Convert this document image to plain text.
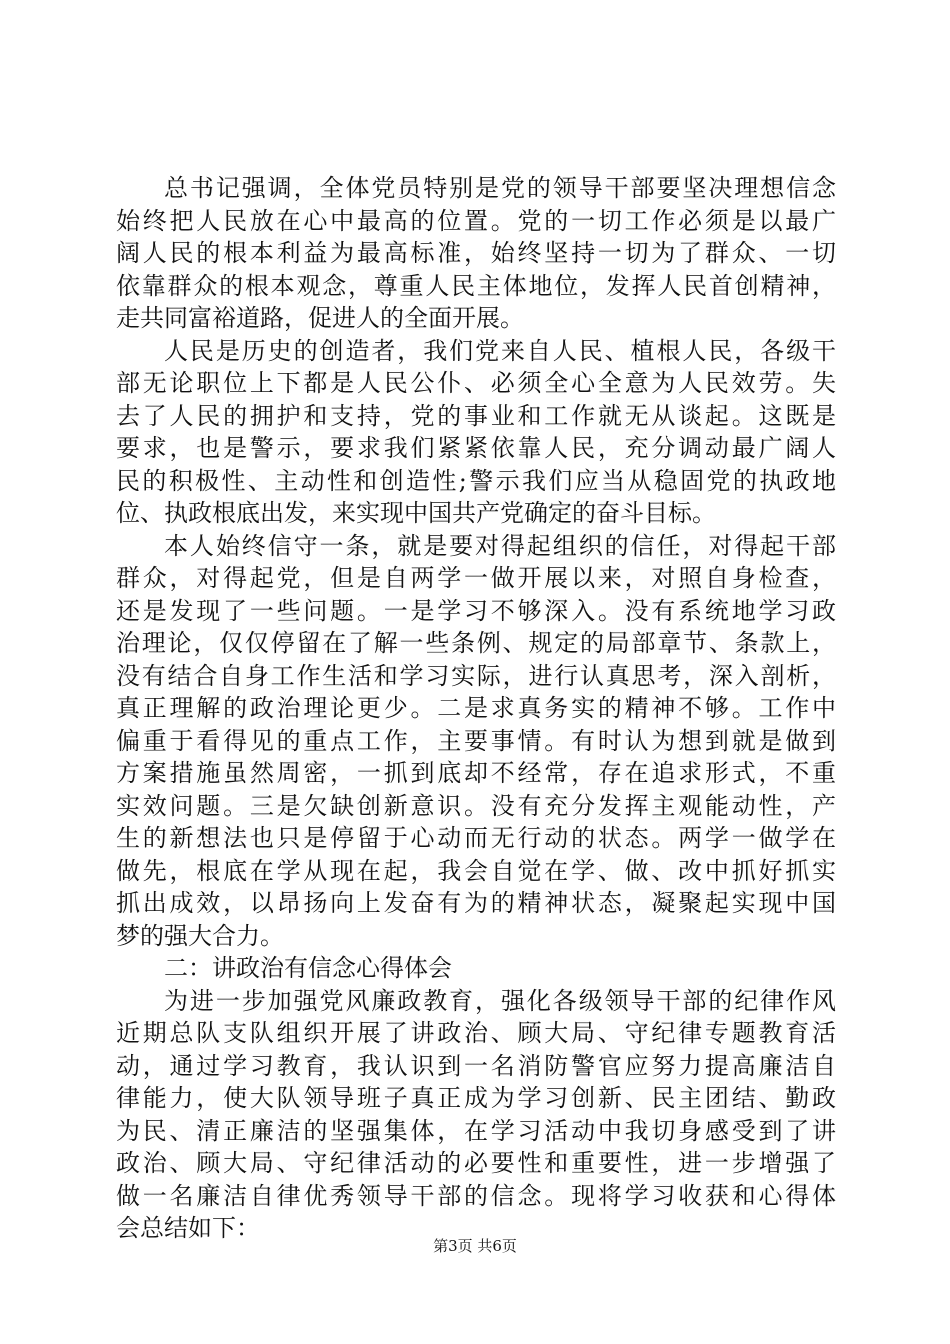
总书记强调，全体党员特别是党的领导干部要坚决理想信念
始终把人民放在心中最高的位置。党的一切工作必须是以最广
阔人民的根本利益为最高标准，始终坚持一切为了群众、一切
依靠群众的根本观念，尊重人民主体地位，发挥人民首创精神，
走共同富裕道路，促进人的全面开展。
人民是历史的创造者，我们党来自人民、植根人民，各级干
部无论职位上下都是人民公仆、必须全心全意为人民效劳。失
去了人民的拥护和支持，党的事业和工作就无从谈起。这既是
要求，也是警示，要求我们紧紧依靠人民，充分调动最广阔人
民的积极性、主动性和创造性;警示我们应当从稳固党的执政地
位、执政根底出发，来实现中国共产党确定的奋斗目标。
本人始终信守一条，就是要对得起组织的信任，对得起干部
群众，对得起党，但是自两学一做开展以来，对照自身检查，
还是发现了一些问题。一是学习不够深入。没有系统地学习政
治理论，仅仅停留在了解一些条例、规定的局部章节、条款上，
没有结合自身工作生活和学习实际，进行认真思考，深入剖析，
真正理解的政治理论更少。二是求真务实的精神不够。工作中
偏重于看得见的重点工作，主要事情。有时认为想到就是做到
方案措施虽然周密，一抓到底却不经常，存在追求形式，不重
实效问题。三是欠缺创新意识。没有充分发挥主观能动性，产
生的新想法也只是停留于心动而无行动的状态。两学一做学在
做先，根底在学从现在起，我会自觉在学、做、改中抓好抓实
抓出成效，以昂扬向上发奋有为的精神状态，凝聚起实现中国
梦的强大合力。
二：讲政治有信念心得体会
为进一步加强党风廉政教育，强化各级领导干部的纪律作风
近期总队支队组织开展了讲政治、顾大局、守纪律专题教育活
动，通过学习教育，我认识到一名消防警官应努力提高廉洁自
律能力，使大队领导班子真正成为学习创新、民主团结、勤政
为民、清正廉洁的坚强集体，在学习活动中我切身感受到了讲
政治、顾大局、守纪律活动的必要性和重要性，进一步增强了
做一名廉洁自律优秀领导干部的信念。现将学习收获和心得体
会总结如下：
第3页 共6页
